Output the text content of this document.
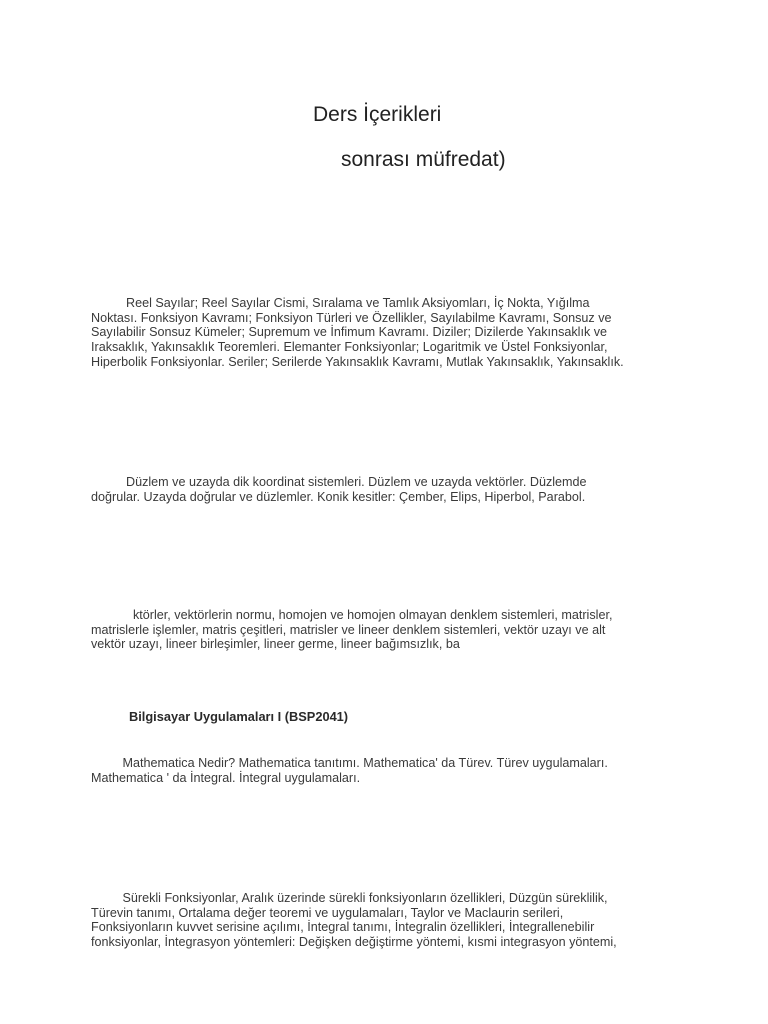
Ders İçerikleri
sonrası müfredat)
Reel Sayılar; Reel Sayılar Cismi, Sıralama ve Tamlık Aksiyomları, İç Nokta, Yığılma
Noktası. Fonksiyon Kavramı; Fonksiyon Türleri ve Özellikler, Sayılabilme Kavramı, Sonsuz ve
Sayılabilir Sonsuz Kümeler; Supremum ve İnfimum Kavramı. Diziler; Dizilerde Yakınsaklık ve
Iraksaklık, Yakınsaklık Teoremleri. Elemanter Fonksiyonlar; Logaritmik ve Üstel Fonksiyonlar,
Hiperbolik Fonksiyonlar. Seriler; Serilerde Yakınsaklık Kavramı, Mutlak Yakınsaklık, Yakınsaklık.
Düzlem ve uzayda dik koordinat sistemleri. Düzlem ve uzayda vektörler. Düzlemde
doğrular. Uzayda doğrular ve düzlemler. Konik kesitler: Çember, Elips, Hiperbol, Parabol.
ktörler, vektörlerin normu, homojen ve homojen olmayan denklem sistemleri, matrisler,
matrislerle işlemler, matris çeşitleri, matrisler ve lineer denklem sistemleri, vektör uzayı ve alt
vektör uzayı, lineer birleşimler, lineer germe, lineer bağımsızlık, ba
Bilgisayar Uygulamaları I (BSP2041)
Mathematica Nedir? Mathematica tanıtımı. Mathematica' da Türev. Türev uygulamaları.
Mathematica ' da İntegral. İntegral uygulamaları.
Sürekli Fonksiyonlar, Aralık üzerinde sürekli fonksiyonların özellikleri, Düzgün süreklilik,
Türevin tanımı, Ortalama değer teoremi ve uygulamaları, Taylor ve Maclaurin serileri,
Fonksiyonların kuvvet serisine açılımı, İntegral tanımı, İntegralin özellikleri, İntegrallenebilir
fonksiyonlar, İntegrasyon yöntemleri: Değişken değiştirme yöntemi, kısmi integrasyon yöntemi,
